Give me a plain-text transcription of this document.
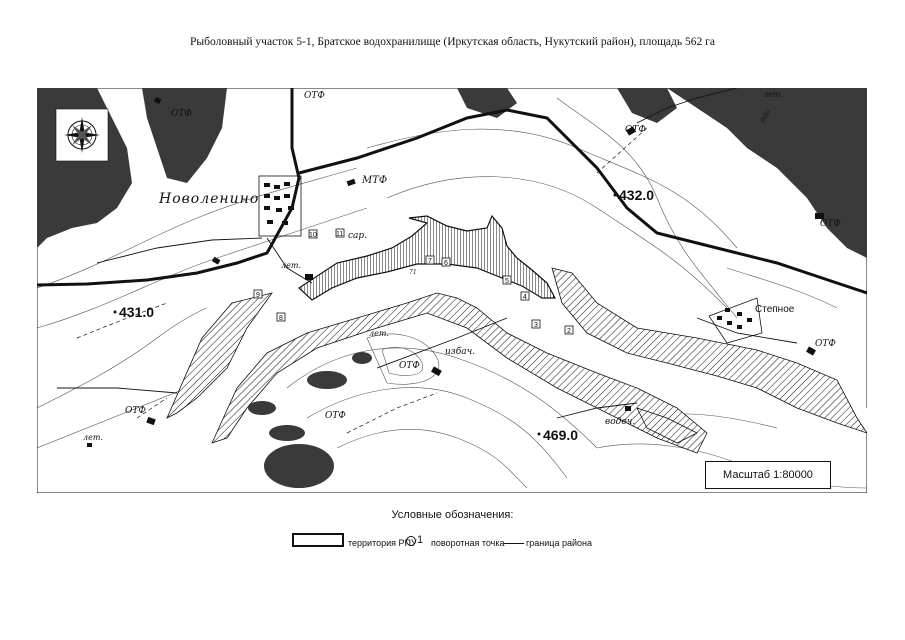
Рыболовный участок 5-1, Братское водохранилище (Иркутская область, Нукутский район), площадь 562 га
2
3
4
5
6
7
8
9
10	11
431.0
432.0
469.0
Новоленино
Степное
МТФ
ОТФ
ОТФ
ОТФ
ОТФ
ОТФ
ОТФ
ОТФ
ОТФ
лет.
лет.
лет.
лет.
сар.
избач.
водоч.
600
71
Масштаб 1:80000
Условные обозначения:
территория РПУ 1 поворотная точка граница района
